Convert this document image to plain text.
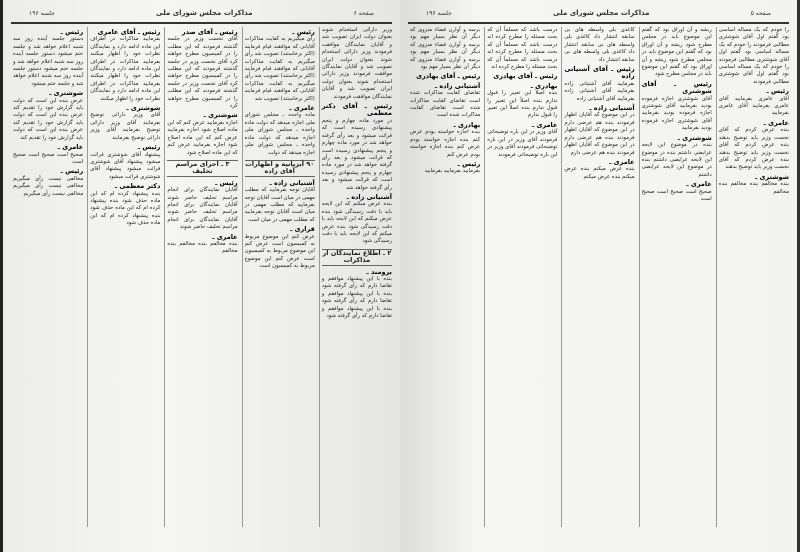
صفحه ۶
مذاکرات مجلس شورای ملی
جلسه ۱۹۶
وزیر دارائی استخدام شوند بعنوان دولت ایران تصویب شد و آقایان نمایندگان موافقت فرمودند وزیر دارائی استخدام شوند بعنوان دولت ایران تصویب شد و آقایان نمایندگان موافقت فرمودند وزیر دارائی استخدام شوند بعنوان دولت ایران تصویب شد و آقایان نمایندگان موافقت فرمودند
رئیس ـ آقای دکتر معظمی
در مورد ماده چهارم و پنجم پیشنهادی رسیده است که قرائت میشود و بعد رأی گرفته خواهد شد در مورد ماده چهارم و پنجم پیشنهادی رسیده است که قرائت میشود و بعد رأی گرفته خواهد شد در مورد ماده چهارم و پنجم پیشنهادی رسیده است که قرائت میشود و بعد رأی گرفته خواهد شد
آشتیانی زاده ـ
بنده عرض میکنم که این لایحه باید با دقت رسیدگی شود بنده عرض میکنم که این لایحه باید با دقت رسیدگی شود بنده عرض میکنم که این لایحه باید با دقت رسیدگی شود
۲ ـ اطلاع نمایندگان از مذاکرات
برومند ـ
بنده با این پیشنهاد موافقم و تقاضا دارم که رأی گرفته شود بنده با این پیشنهاد موافقم و تقاضا دارم که رأی گرفته شود بنده با این پیشنهاد موافقم و تقاضا دارم که رأی گرفته شود
رئیس ـ
رأی میگیریم به کفایت مذاکرات آقایانی که موافقند قیام فرمایند (اکثر برخاستند) تصویب شد رأی میگیریم به کفایت مذاکرات آقایانی که موافقند قیام فرمایند (اکثر برخاستند) تصویب شد رأی میگیریم به کفایت مذاکرات آقایانی که موافقند قیام فرمایند (اکثر برخاستند) تصویب شد
عامری ـ
ماده واحده ـ مجلس شورای ملی اجازه میدهد که دولت ماده واحده ـ مجلس شورای ملی اجازه میدهد که دولت ماده واحده ـ مجلس شورای ملی اجازه میدهد که دولت
۹۰ آبزیانیه و اظهارات آقای زاده
آشتیانی زاده ـ
آقایان توجه بفرمایید که مطلب مهمی در میان است آقایان توجه بفرمایید که مطلب مهمی در میان است آقایان توجه بفرمایید که مطلب مهمی در میان است
قراری ـ
عرض کنم این موضوع مربوط به کمیسیون است عرض کنم این موضوع مربوط به کمیسیون است عرض کنم این موضوع مربوط به کمیسیون است
رئیس ـ آقای صدر
آقای نخست وزیر در جلسه گذشته فرمودند که این مطلب را در کمیسیون مطرح خواهند کرد آقای نخست وزیر در جلسه گذشته فرمودند که این مطلب را در کمیسیون مطرح خواهند کرد آقای نخست وزیر در جلسه گذشته فرمودند که این مطلب را در کمیسیون مطرح خواهند کرد
شوشتری ـ
اجازه بفرمایید عرض کنم که این ماده اصلاح شود اجازه بفرمایید عرض کنم که این ماده اصلاح شود اجازه بفرمایید عرض کنم که این ماده اصلاح شود
۳ ـ اجرای مراسم تحلیف
رئیس ـ
آقایان نمایندگان برای انجام مراسم تحلیف حاضر شوند آقایان نمایندگان برای انجام مراسم تحلیف حاضر شوند آقایان نمایندگان برای انجام مراسم تحلیف حاضر شوند
عامری ـ
بنده مخالفم بنده مخالفم بنده مخالفم
رئیس ـ آقای عامری
بفرمایید مذاکرات در اطراف این ماده ادامه دارد و نمایندگان نظرات خود را اظهار میکنند بفرمایید مذاکرات در اطراف این ماده ادامه دارد و نمایندگان نظرات خود را اظهار میکنند بفرمایید مذاکرات در اطراف این ماده ادامه دارد و نمایندگان نظرات خود را اظهار میکنند
شوشتری ـ
آقای وزیر دارائی توضیح بفرمایند آقای وزیر دارائی توضیح بفرمایند آقای وزیر دارائی توضیح بفرمایند
رئیس ـ
پیشنهاد آقای شوشتری قرائت میشود پیشنهاد آقای شوشتری قرائت میشود پیشنهاد آقای شوشتری قرائت میشود
دکتر معظمی ـ
بنده پیشنهاد کرده ام که این ماده حذف شود بنده پیشنهاد کرده ام که این ماده حذف شود بنده پیشنهاد کرده ام که این ماده حذف شود
رئیس ـ
دستور جلسه آینده روز سه شنبه اعلام خواهد شد و جلسه ختم میشود دستور جلسه آینده روز سه شنبه اعلام خواهد شد و جلسه ختم میشود دستور جلسه آینده روز سه شنبه اعلام خواهد شد و جلسه ختم میشود
شوشتری ـ
عرض بنده این است که دولت باید گزارش خود را تقدیم کند عرض بنده این است که دولت باید گزارش خود را تقدیم کند عرض بنده این است که دولت باید گزارش خود را تقدیم کند
عامری ـ
صحیح است صحیح است صحیح است
رئیس ـ
مخالفی نیست رأی میگیریم مخالفی نیست رأی میگیریم مخالفی نیست رأی میگیریم
صفحه ۵
مذاکرات مجلس شورای ملی
جلسه ۱۹۶
را خودم که یک مساله اساسی بود گفتم اول آقای شوشتری مطالبی فرمودند را خودم که یک مساله اساسی بود گفتم اول آقای شوشتری مطالبی فرمودند را خودم که یک مساله اساسی بود گفتم اول آقای شوشتری مطالبی فرمودند
رئیس ـ
آقای عامری بفرمایید آقای عامری بفرمایید آقای عامری بفرمایید
عامری ـ
بنده عرض کردم که آقای نخست وزیر باید توضیح بدهند بنده عرض کردم که آقای نخست وزیر باید توضیح بدهند بنده عرض کردم که آقای نخست وزیر باید توضیح بدهند
شوشتری ـ
بنده مخالفم بنده مخالفم بنده مخالفم
ریشه و آن اوراق بود که گفتم این موضوع باید در مجلس مطرح شود ریشه و آن اوراق بود که گفتم این موضوع باید در مجلس مطرح شود ریشه و آن اوراق بود که گفتم این موضوع باید در مجلس مطرح شود
رئیس ـ آقای شوشتری
آقای شوشتری اجازه فرموده بودید بفرمایید آقای شوشتری اجازه فرموده بودید بفرمایید آقای شوشتری اجازه فرموده بودید بفرمایید
شوشتری ـ
بنده در موضوع این لایحه عرایضی داشتم بنده در موضوع این لایحه عرایضی داشتم بنده در موضوع این لایحه عرایضی داشتم
عامری ـ
صحیح است صحیح است صحیح است
کاغذی بلی واسطه های بی سابقه انتشار داد کاغذی بلی واسطه های بی سابقه انتشار داد کاغذی بلی واسطه های بی سابقه انتشار داد
رئیس ـ آقای آشتیانی زاده
بفرمایید آقای آشتیانی زاده بفرمایید آقای آشتیانی زاده بفرمایید آقای آشتیانی زاده
آشتیانی زاده ـ
در این موضوع که آقایان اظهار فرمودند بنده هم عرضی دارم در این موضوع که آقایان اظهار فرمودند بنده هم عرضی دارم در این موضوع که آقایان اظهار فرمودند بنده هم عرضی دارم
عامری ـ
بنده عرض میکنم بنده عرض میکنم بنده عرض میکنم
درست باشد که مسلماً آن که بحث مسئله را مطرح کرده اند درست باشد که مسلماً آن که بحث مسئله را مطرح کرده اند درست باشد که مسلماً آن که بحث مسئله را مطرح کرده اند
رئیس ـ آقای بهادری
بهادری ـ
بنده اصلاً این تعبیر را قبول ندارم بنده اصلاً این تعبیر را قبول ندارم بنده اصلاً این تعبیر را قبول ندارم
عامری ـ
آقای وزیر در این باره توضیحاتی فرمودند آقای وزیر در این باره توضیحاتی فرمودند آقای وزیر در این باره توضیحاتی فرمودند
برسه و آوارن قضاء منزوی که دیگر آن نظر بسیار مهم بود برسه و آوارن قضاء منزوی که دیگر آن نظر بسیار مهم بود برسه و آوارن قضاء منزوی که دیگر آن نظر بسیار مهم بود
رئیس ـ آقای بهادری
آشتیانی زاده ـ
تقاضای کفایت مذاکرات شده است تقاضای کفایت مذاکرات شده است تقاضای کفایت مذاکرات شده است
بهادری ـ
بنده اجازه خواسته بودم عرض کنم بنده اجازه خواسته بودم عرض کنم بنده اجازه خواسته بودم عرض کنم
رئیس ـ
بفرمایید بفرمایید بفرمایید
